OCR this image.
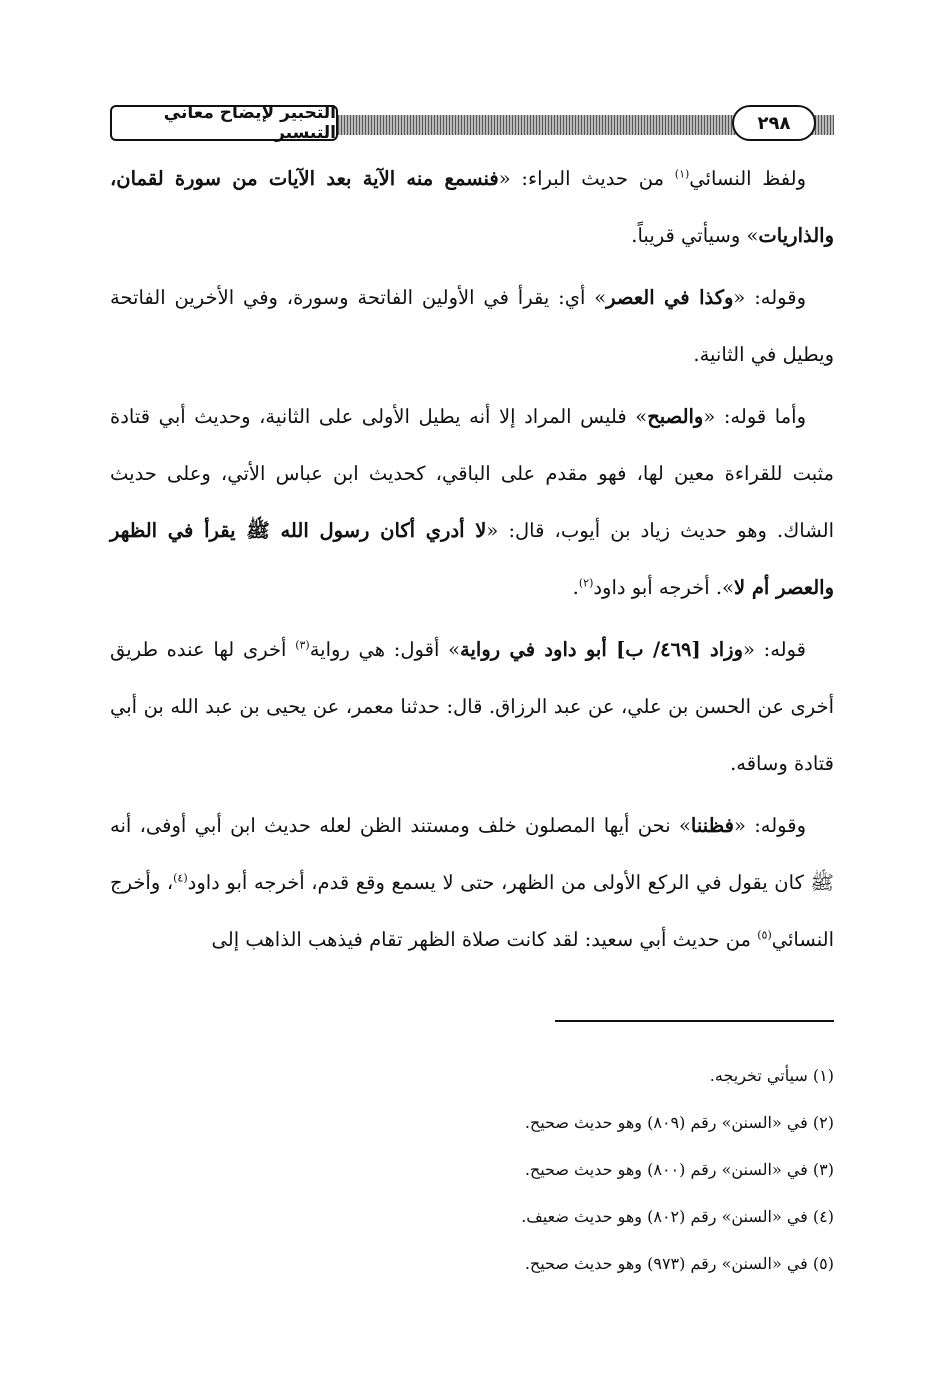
التحبير لإيضاح معاني التيسير	٢٩٨

ولفظ النسائي$^{(١)}$ من حديث البراء: «فنسمع منه الآية بعد الآيات من سورة لقمان، والذاريات» وسيأتي قريباً.

وقوله: «وكذا في العصر» أي: يقرأ في الأولين الفاتحة وسورة، وفي الأخرين الفاتحة ويطيل في الثانية.

وأما قوله: «والصبح» فليس المراد إلا أنه يطيل الأولى على الثانية، وحديث أبي قتادة مثبت للقراءة معين لها، فهو مقدم على الباقي، كحديث ابن عباس الأتي، وعلى حديث الشاك. وهو حديث زياد بن أيوب، قال: «لا أدري أكان رسول الله ﷺ يقرأ في الظهر والعصر أم لا». أخرجه أبو داود$^{(٢)}$.

قوله: «وزاد [٤٦٩/ ب] أبو داود في رواية» أقول: هي رواية$^{(٣)}$ أخرى لها عنده طريق أخرى عن الحسن بن علي، عن عبد الرزاق. قال: حدثنا معمر، عن يحيى بن عبد الله بن أبي قتادة وساقه.

وقوله: «فظننا» نحن أيها المصلون خلف ومستند الظن لعله حديث ابن أبي أوفى، أنه ﷺ كان يقول في الركع الأولى من الظهر، حتى لا يسمع وقع قدم، أخرجه أبو داود$^{(٤)}$، وأخرج النسائي$^{(٥)}$ من حديث أبي سعيد: لقد كانت صلاة الظهر تقام فيذهب الذاهب إلى

(١) سيأتي تخريجه.
(٢) في «السنن» رقم (٨٠٩) وهو حديث صحيح.
(٣) في «السنن» رقم (٨٠٠) وهو حديث صحيح.
(٤) في «السنن» رقم (٨٠٢) وهو حديث ضعيف.
(٥) في «السنن» رقم (٩٧٣) وهو حديث صحيح.
